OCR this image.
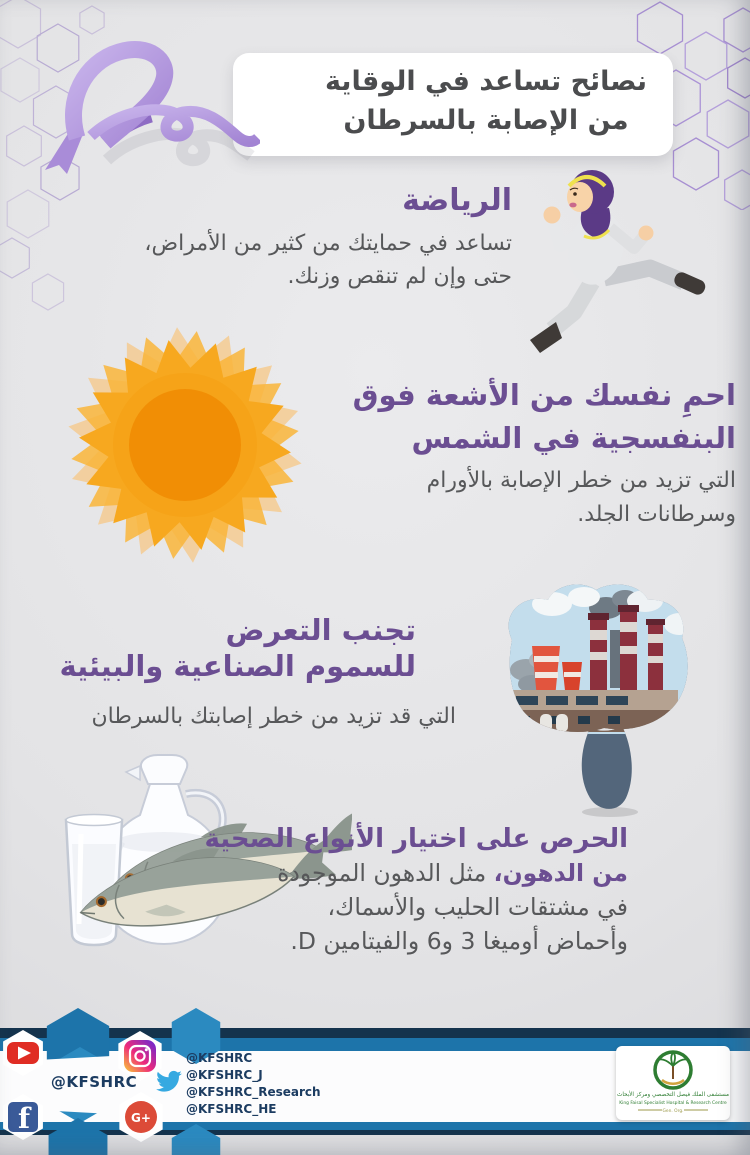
نصائح تساعد في الوقاية
من الإصابة بالسرطان
الرياضة
تساعد في حمايتك من كثير من الأمراض،
حتى وإن لم تنقص وزنك.
احمِ نفسك من الأشعة فوق
البنفسجية في الشمس
التي تزيد من خطر الإصابة بالأورام
وسرطانات الجلد.
تجنب التعرض
للسموم الصناعية والبيئية
التي قد تزيد من خطر إصابتك بالسرطان
الحرص على اختيار الأنواع الصحية
من الدهون، مثل الدهون الموجودة
في مشتقات الحليب والأسماك،
وأحماض أوميغا 3 و6 والفيتامين D.
f	G+
@KFSHRC
@KFSHRC
@KFSHRC_J
@KFSHRC_Research
@KFSHRC_HE
مستشفى الملك فيصل التخصصي ومركز الأبحاث
King Faisal Specialist Hospital & Research Centre
Gen. Org.
